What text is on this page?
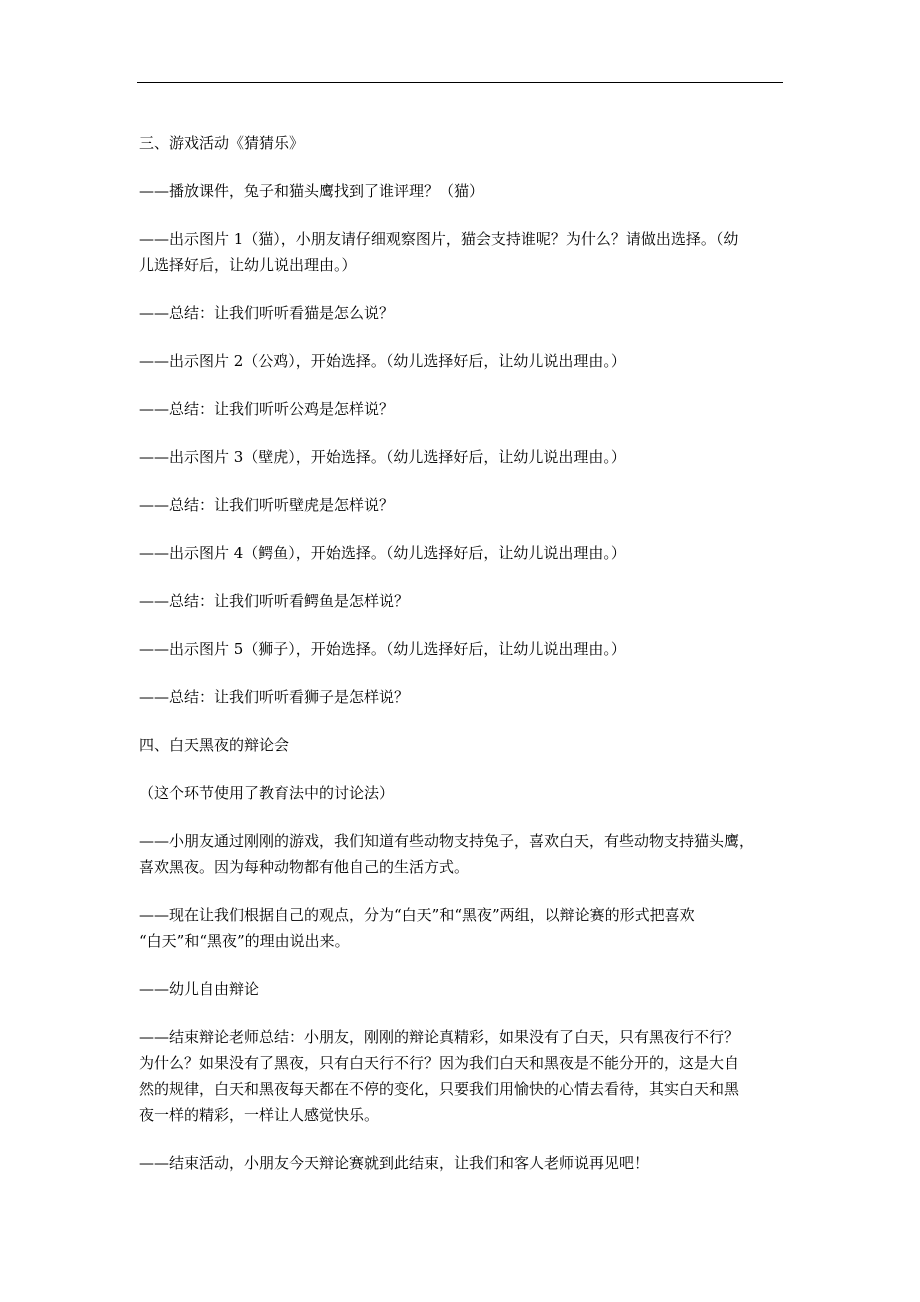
三、游戏活动《猜猜乐》

——播放课件，兔子和猫头鹰找到了谁评理？（猫）

——出示图片 1（猫），小朋友请仔细观察图片，猫会支持谁呢？为什么？请做出选择。（幼
儿选择好后，让幼儿说出理由。）

——总结：让我们听听看猫是怎么说？

——出示图片 2（公鸡），开始选择。（幼儿选择好后，让幼儿说出理由。）

——总结：让我们听听公鸡是怎样说？

——出示图片 3（壁虎），开始选择。（幼儿选择好后，让幼儿说出理由。）

——总结：让我们听听壁虎是怎样说？

——出示图片 4（鳄鱼），开始选择。（幼儿选择好后，让幼儿说出理由。）

——总结：让我们听听看鳄鱼是怎样说？

——出示图片 5（狮子），开始选择。（幼儿选择好后，让幼儿说出理由。）

——总结：让我们听听看狮子是怎样说？

四、白天黑夜的辩论会

（这个环节使用了教育法中的讨论法）

——小朋友通过刚刚的游戏，我们知道有些动物支持兔子，喜欢白天，有些动物支持猫头鹰，
喜欢黑夜。因为每种动物都有他自己的生活方式。

——现在让我们根据自己的观点，分为“白天”和“黑夜”两组，以辩论赛的形式把喜欢
“白天”和“黑夜”的理由说出来。

——幼儿自由辩论

——结束辩论老师总结：小朋友，刚刚的辩论真精彩，如果没有了白天，只有黑夜行不行？
为什么？如果没有了黑夜，只有白天行不行？因为我们白天和黑夜是不能分开的，这是大自
然的规律，白天和黑夜每天都在不停的变化，只要我们用愉快的心情去看待，其实白天和黑
夜一样的精彩，一样让人感觉快乐。

——结束活动，小朋友今天辩论赛就到此结束，让我们和客人老师说再见吧！
